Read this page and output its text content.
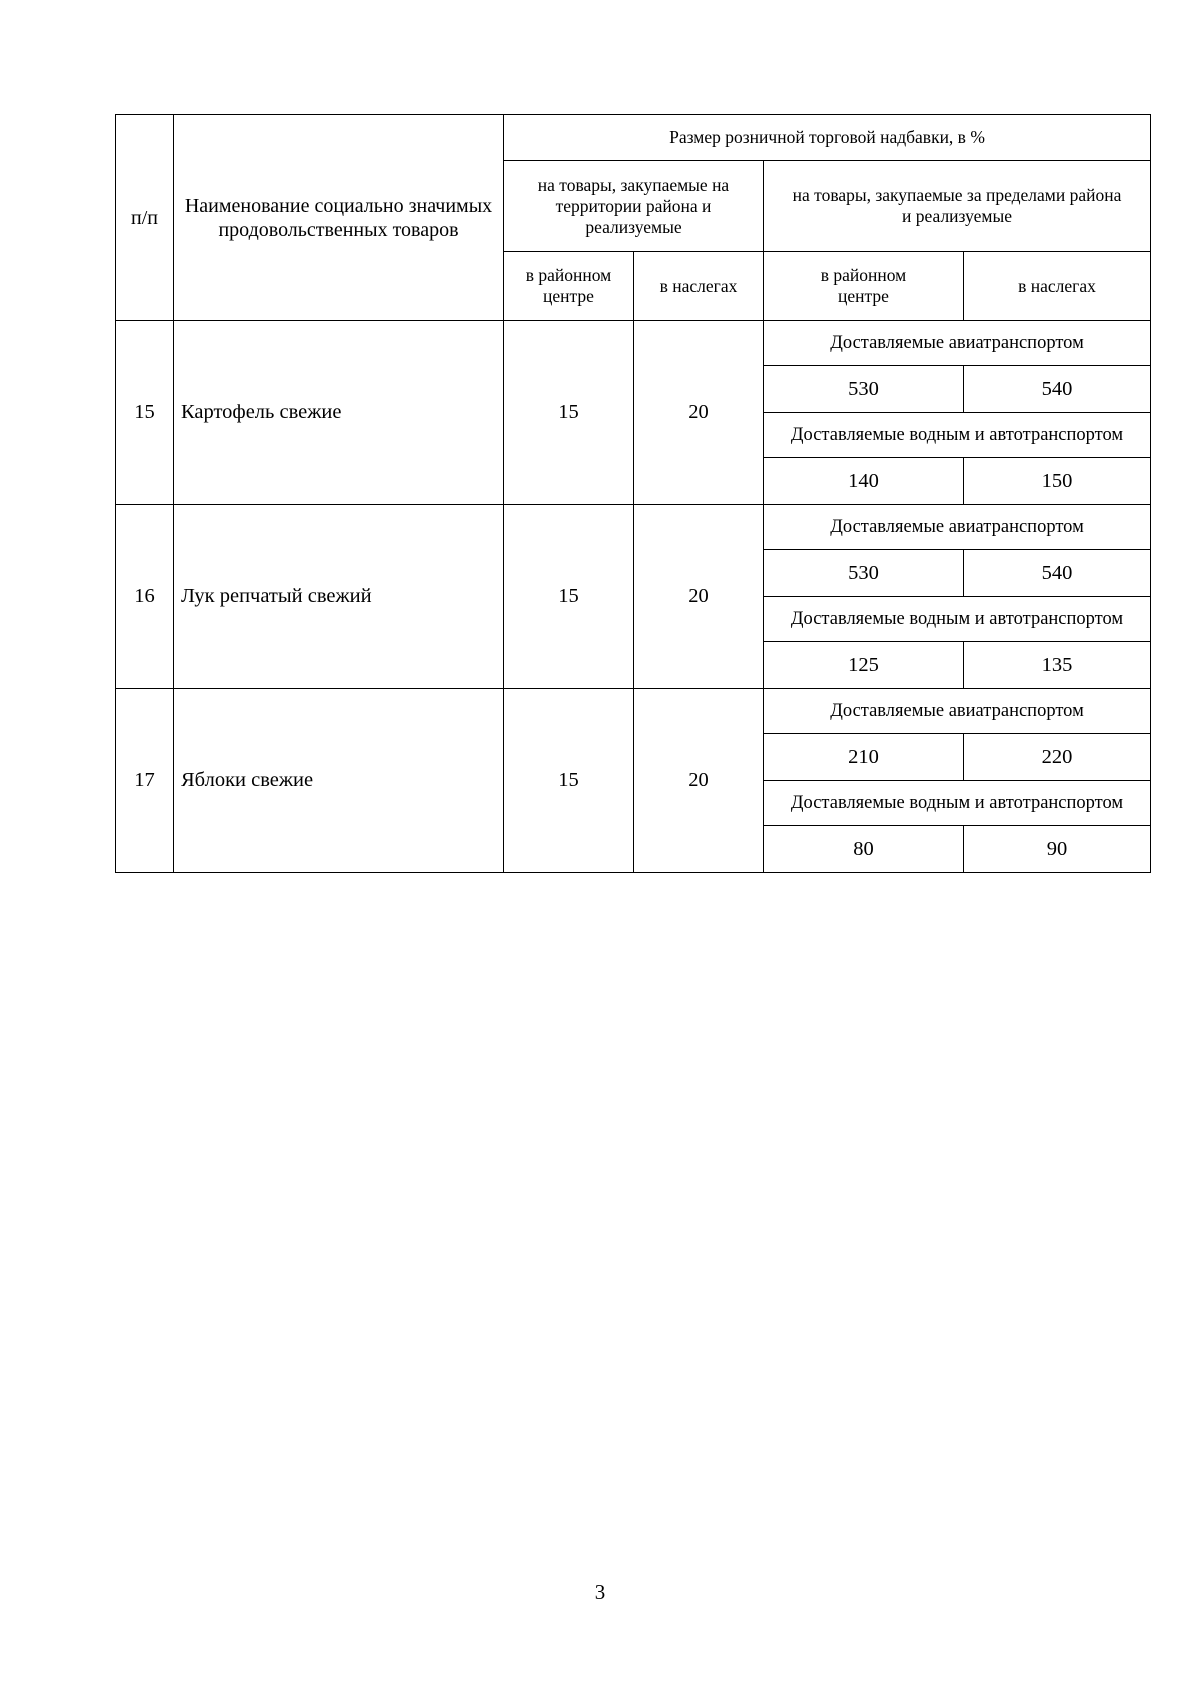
п/п	Наименование социально значимых продовольственных товаров	Размер розничной торговой надбавки, в %			
		на товары, закупаемые на территории района и реализуемые		на товары, закупаемые за пределами района и реализуемые	
		в районном центре	в наслегах	в районном центре	в наслегах
15	Картофель свежие	15	20	Доставляемые авиатранспортом	
				530	540
				Доставляемые водным и автотранспортом	
				140	150
16	Лук репчатый свежий	15	20	Доставляемые авиатранспортом	
				530	540
				Доставляемые водным и автотранспортом	
				125	135
17	Яблоки свежие	15	20	Доставляемые авиатранспортом	
				210	220
				Доставляемые водным и автотранспортом	
				80	90
3
